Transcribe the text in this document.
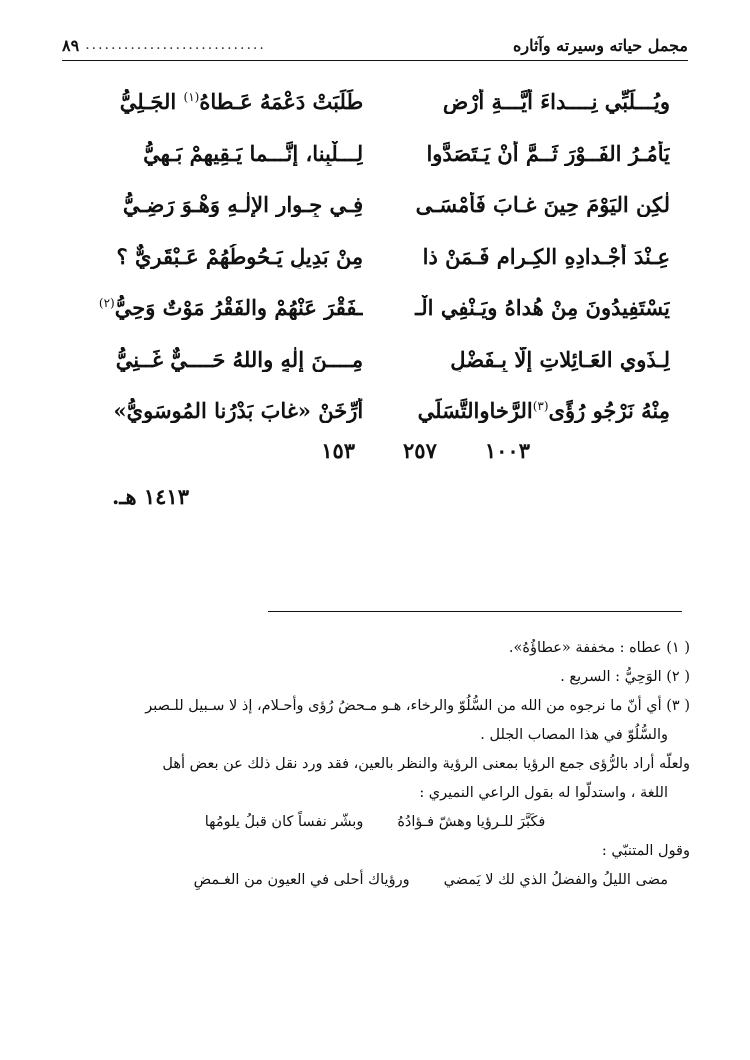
مجمل حياته وسيرته وآثاره
............................
٨٩
ويُـــلَبِّي نِــــداءَ أَيَّـــةِ أَرْضٍ
طَلَبَتْ دَعْمَهُ عَـطاهُ$^{(١)}$ الجَـلِيُّ
يَأْمُـرُ الفَــوْرَ ثَــمَّ أَنْ يَـتَصَدَّوا
لِـــلْبِنا، إِنَّـــما يَـقِيهِمْ بَـهِيُّ
لٰكِنِ اليَوْمَ حِينَ غـابَ فَأَمْسَـى
فِـي جِـوارِ الإِلٰـهِ وَهْـوَ رَضِـيُّ
عِـنْدَ أَجْـدادِهِ الكِـرامِ فَـمَنْ ذا
مِنْ بَدِيلٍ يَـحُوطُهُمْ عَـبْقَرِيٌّ ؟
يَسْتَفِيدُونَ مِنْ هُداهُ ويَـنْفِي الْـ
ـفَقْرَ عَنْهُمْ والفَقْرُ مَوْتٌ وَحِيُّ$^{(٢)}$
لِـذَوِي العَـائِلاتِ إِلَّا بِـفَضْلٍ
مِــــنَ إِلٰهٍ واللهُ حَــــيٌّ غَــنِيُّ
مِنْهُ نَرْجُو رُؤًى$^{(٣)}$الرَّخاوالتَّسَلِّي
أَرِّخَنْ «غابَ بَدْرُنا المُوسَوِيُّ»
١٠٠٣
٢٥٧
١٥٣
١٤١٣ هـ.

( ١) عطاه : مخففة «عطاؤُهُ».

( ٢) الوَحِيُّ : السريع .

( ٣) أي أنّ ما نرجوه من الله من السُّلُوّ والرخاء، هـو مـحضُ رُؤى وأحـلام، إذ لا سـبيل للـصبر

والسُّلُوّ في هذا المصاب الجلل .

ولعلّه أراد بالرُّؤى جمع الرؤيا بمعنى الرؤية والنظر بالعين، فقد ورد نقل ذلك عن بعض أهل

اللغة ، واستدلّوا له بقول الراعي النميري :

فكَبَّرَ للـرؤيا وهشّ فـؤادُهُ
وبشّر نفساً كان قبلُ يلومُها

وقول المتنبّي :

مضى الليلُ والفضلُ الذي لك لا يَمضي
ورؤياك أحلى في العيون من الغـمضِ
